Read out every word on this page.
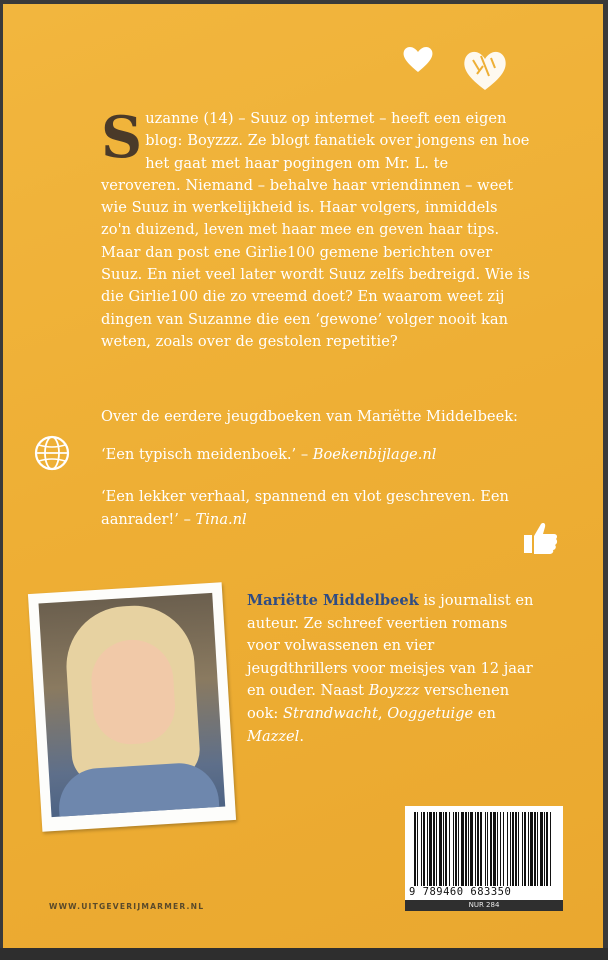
S uzanne (14) – Suuz op internet – heeft een eigen blog: Boyzzz. Ze blogt fanatiek over jongens en hoe het gaat met haar pogingen om Mr. L. te veroveren. Niemand – behalve haar vriendinnen – weet wie Suuz in werkelijkheid is. Haar volgers, inmiddels zo'n duizend, leven met haar mee en geven haar tips. Maar dan post ene Girlie100 gemene berichten over Suuz. En niet veel later wordt Suuz zelfs bedreigd. Wie is die Girlie100 die zo vreemd doet? En waarom weet zij dingen van Suzanne die een ‘gewone’ volger nooit kan weten, zoals over de gestolen repetitie?
Over de eerdere jeugdboeken van Mariëtte Middelbeek:
‘Een typisch meidenboek.’ – Boekenbijlage.nl
‘Een lekker verhaal, spannend en vlot geschreven. Een aanrader!’ – Tina.nl
Mariëtte Middelbeek is journalist en auteur. Ze schreef veertien romans voor volwassenen en vier jeugdthrillers voor meisjes van 12 jaar en ouder. Naast Boyzzz verschenen ook: Strandwacht, Ooggetuige en Mazzel.
WWW.UITGEVERIJMARMER.NL
9 789460 683350
NUR 284
